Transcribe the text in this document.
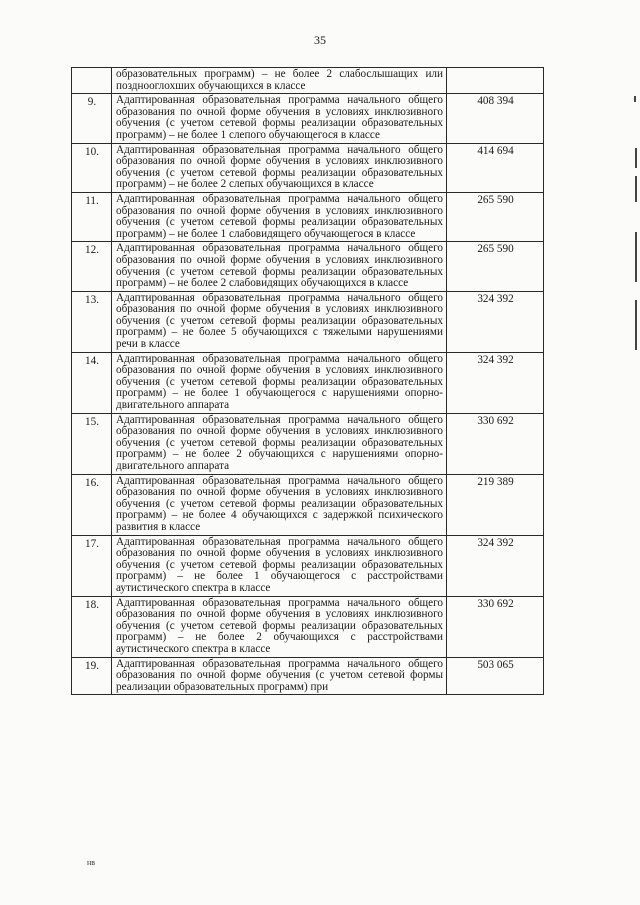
35
	образовательных программ) – не более 2 слабослышащих или позднооглохших обучающихся в классе	
9.	Адаптированная образовательная программа начального общего образования по очной форме обучения в условиях инклюзивного обучения (с учетом сетевой формы реализации образовательных программ) – не более 1 слепого обучающегося в классе	408 394
10.	Адаптированная образовательная программа начального общего образования по очной форме обучения в условиях инклюзивного обучения (с учетом сетевой формы реализации образовательных программ) – не более 2 слепых обучающихся в классе	414 694
11.	Адаптированная образовательная программа начального общего образования по очной форме обучения в условиях инклюзивного обучения (с учетом сетевой формы реализации образовательных программ) – не более 1 слабовидящего обучающегося в классе	265 590
12.	Адаптированная образовательная программа начального общего образования по очной форме обучения в условиях инклюзивного обучения (с учетом сетевой формы реализации образовательных программ) – не более 2 слабовидящих обучающихся в классе	265 590
13.	Адаптированная образовательная программа начального общего образования по очной форме обучения в условиях инклюзивного обучения (с учетом сетевой формы реализации образовательных программ) – не более 5 обучающихся с тяжелыми нарушениями речи в классе	324 392
14.	Адаптированная образовательная программа начального общего образования по очной форме обучения в условиях инклюзивного обучения (с учетом сетевой формы реализации образовательных программ) – не более 1 обучающегося с нарушениями опорно-двигательного аппарата	324 392
15.	Адаптированная образовательная программа начального общего образования по очной форме обучения в условиях инклюзивного обучения (с учетом сетевой формы реализации образовательных программ) – не более 2 обучающихся с нарушениями опорно-двигательного аппарата	330 692
16.	Адаптированная образовательная программа начального общего образования по очной форме обучения в условиях инклюзивного обучения (с учетом сетевой формы реализации образовательных программ) – не более 4 обучающихся с задержкой психического развития в классе	219 389
17.	Адаптированная образовательная программа начального общего образования по очной форме обучения в условиях инклюзивного обучения (с учетом сетевой формы реализации образовательных программ) – не более 1 обучающегося с расстройствами аутистического спектра в классе	324 392
18.	Адаптированная образовательная программа начального общего образования по очной форме обучения в условиях инклюзивного обучения (с учетом сетевой формы реализации образовательных программ) – не более 2 обучающихся с расстройствами аутистического спектра в классе	330 692
19.	Адаптированная образовательная программа начального общего образования по очной форме обучения (с учетом сетевой формы реализации образовательных программ) при	503 065
нв
